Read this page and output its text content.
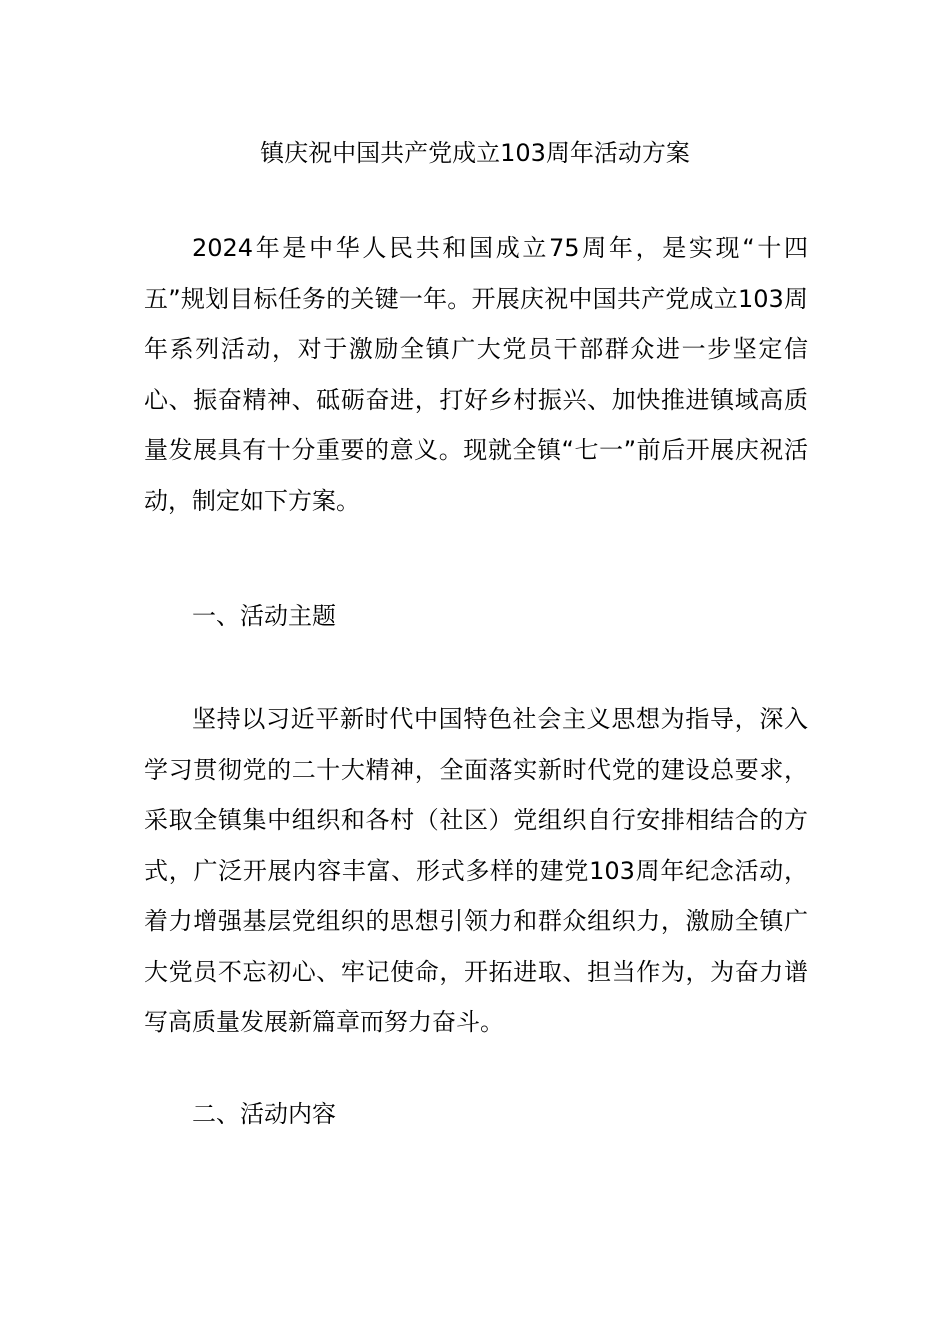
镇庆祝中国共产党成立103周年活动方案

2024年是中华人民共和国成立75周年，是实现“十四五”规划目标任务的关键一年。开展庆祝中国共产党成立103周年系列活动，对于激励全镇广大党员干部群众进一步坚定信心、振奋精神、砥砺奋进，打好乡村振兴、加快推进镇域高质量发展具有十分重要的意义。现就全镇“七一”前后开展庆祝活动，制定如下方案。

一、活动主题

坚持以习近平新时代中国特色社会主义思想为指导，深入学习贯彻党的二十大精神，全面落实新时代党的建设总要求，采取全镇集中组织和各村（社区）党组织自行安排相结合的方式，广泛开展内容丰富、形式多样的建党103周年纪念活动，着力增强基层党组织的思想引领力和群众组织力，激励全镇广大党员不忘初心、牢记使命，开拓进取、担当作为，为奋力谱写高质量发展新篇章而努力奋斗。

二、活动内容
